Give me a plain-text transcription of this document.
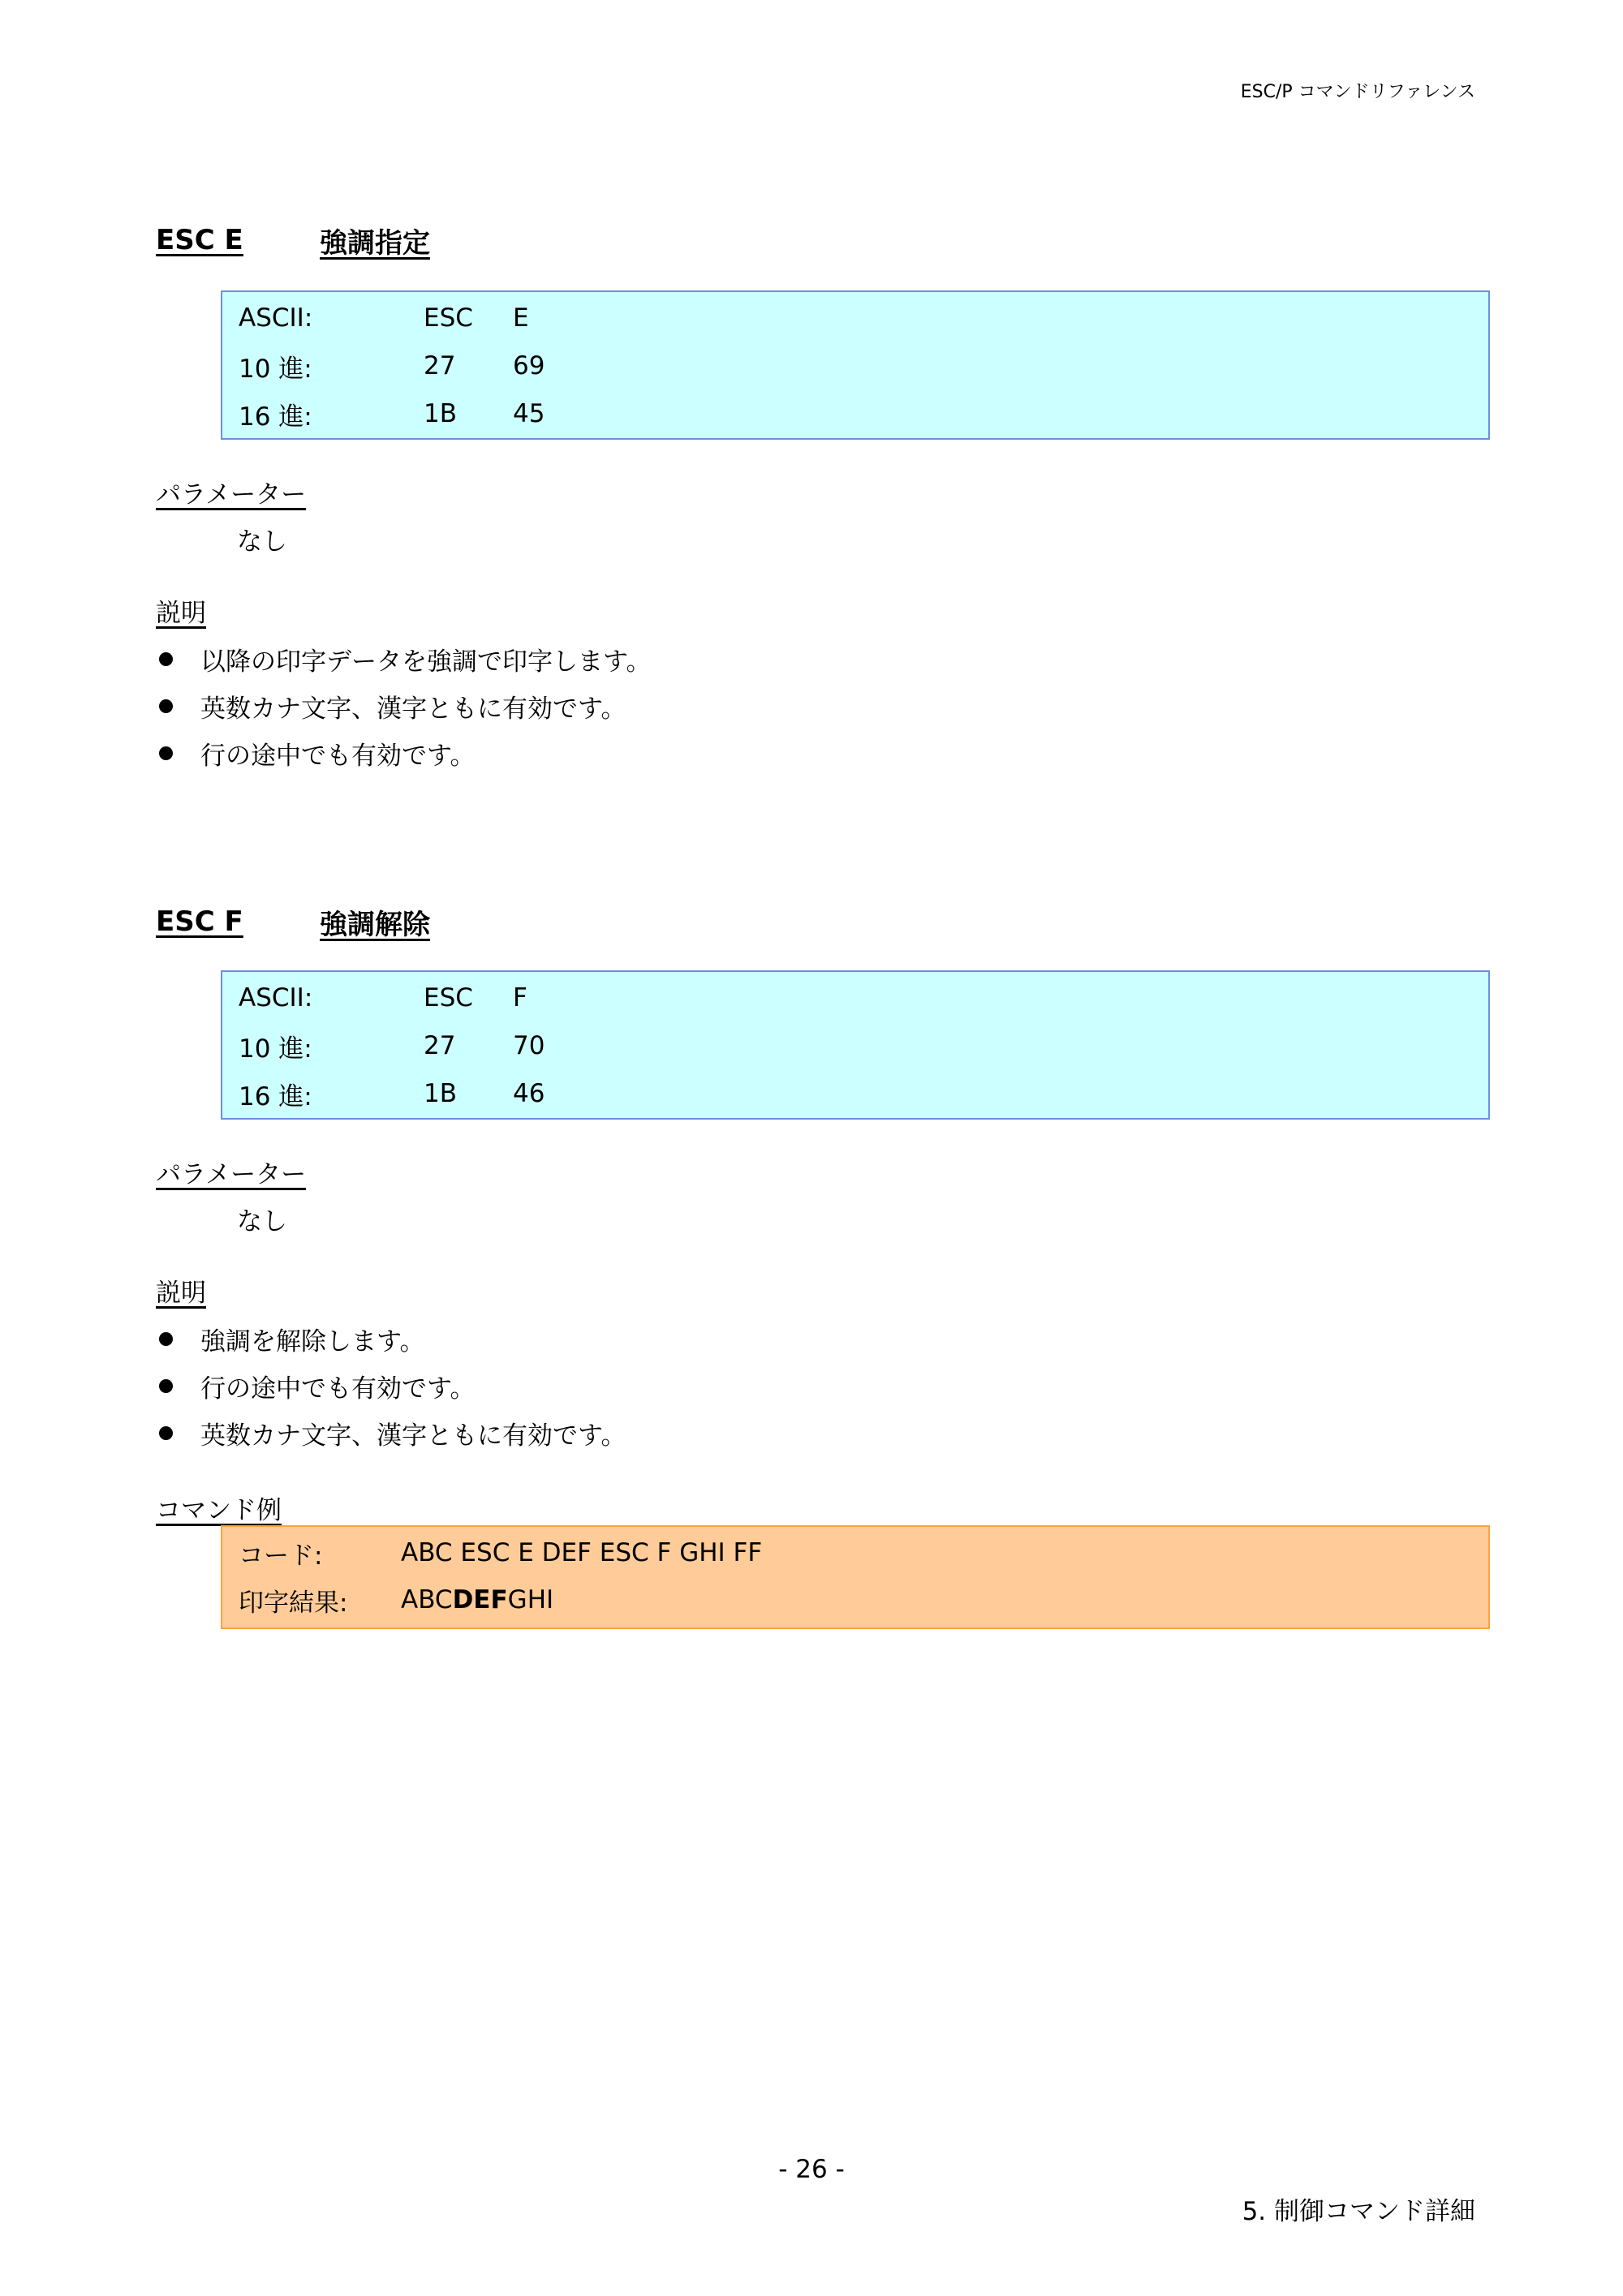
ESC/P コマンドリファレンス
ESC E	強調指定
ASCII:	ESC	E
10 進:	27	69
16 進:	1B	45
パラメーター
なし
説明
以降の印字データを強調で印字します。
英数カナ文字、漢字ともに有効です。
行の途中でも有効です。
ESC F	強調解除
ASCII:	ESC	F
10 進:	27	70
16 進:	1B	46
パラメーター
なし
説明
強調を解除します。
行の途中でも有効です。
英数カナ文字、漢字ともに有効です。
コマンド例
コード:	ABC ESC E DEF ESC F GHI FF
印字結果:	ABCDEFGHI
- 26 -
5. 制御コマンド詳細
